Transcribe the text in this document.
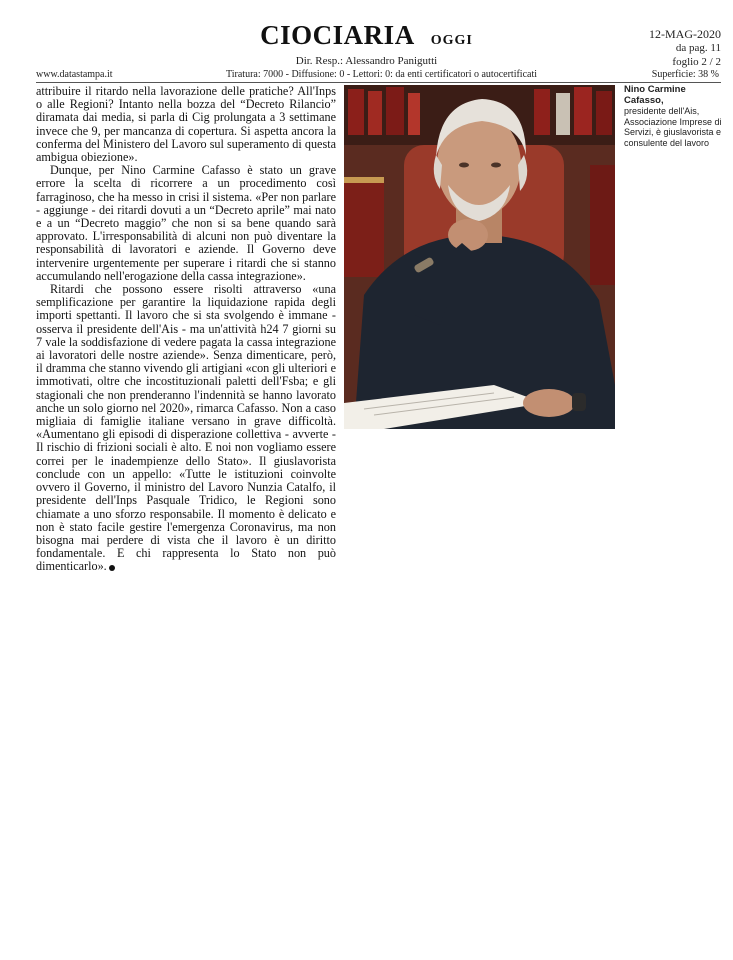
CIOCIARIA OGGI
Dir. Resp.: Alessandro Panigutti
12-MAG-2020
da pag. 11
foglio 2 / 2
www.datastampa.it	Tiratura: 7000 - Diffusione: 0 - Lettori: 0: da enti certificatori o autocertificati	Superficie: 38 %

attribuire il ritardo nella lavorazione delle pratiche? All'Inps o alle Regioni? Intanto nella bozza del “Decreto Rilancio” diramata dai media, si parla di Cig prolungata a 3 settimane invece che 9, per mancanza di copertura. Si aspetta ancora la conferma del Ministero del Lavoro sul superamento di questa ambigua obiezione».

Dunque, per Nino Carmine Cafasso è stato un grave errore la scelta di ricorrere a un procedimento così farraginoso, che ha messo in crisi il sistema. «Per non parlare - aggiunge - dei ritardi dovuti a un “Decreto aprile” mai nato e a un “Decreto maggio” che non si sa bene quando sarà approvato. L'irresponsabilità di alcuni non può diventare la responsabilità di lavoratori e aziende. Il Governo deve intervenire urgentemente per superare i ritardi che si stanno accumulando nell'erogazione della cassa integrazione».

Ritardi che possono essere risolti attraverso «una semplificazione per garantire la liquidazione rapida degli importi spettanti. Il lavoro che si sta svolgendo è immane - osserva il presidente dell'Ais - ma un'attività h24 7 giorni su 7 vale la soddisfazione di vedere pagata la cassa integrazione ai lavoratori delle nostre aziende». Senza dimenticare, però, il dramma che stanno vivendo gli artigiani «con gli ulteriori e immotivati, oltre che incostituzionali paletti dell'Fsba; e gli stagionali che non prenderanno l'indennità se hanno lavorato anche un solo giorno nel 2020», rimarca Cafasso. Non a caso migliaia di famiglie italiane versano in grave difficoltà. «Aumentano gli episodi di disperazione collettiva - avverte - Il rischio di frizioni sociali è alto. E noi non vogliamo essere correi per le inadempienze dello Stato». Il giuslavorista conclude con un appello: «Tutte le istituzioni coinvolte ovvero il Governo, il ministro del Lavoro Nunzia Catalfo, il presidente dell'Inps Pasquale Tridico, le Regioni sono chiamate a uno sforzo responsabile. Il momento è delicato e non è stato facile gestire l'emergenza Coronavirus, ma non bisogna mai perdere di vista che il lavoro è un diritto fondamentale. E chi rappresenta lo Stato non può dimenticarlo».

Nino Carmine Cafasso,
presidente dell'Ais, Associazione Imprese di Servizi, è giuslavorista e consulente del lavoro
